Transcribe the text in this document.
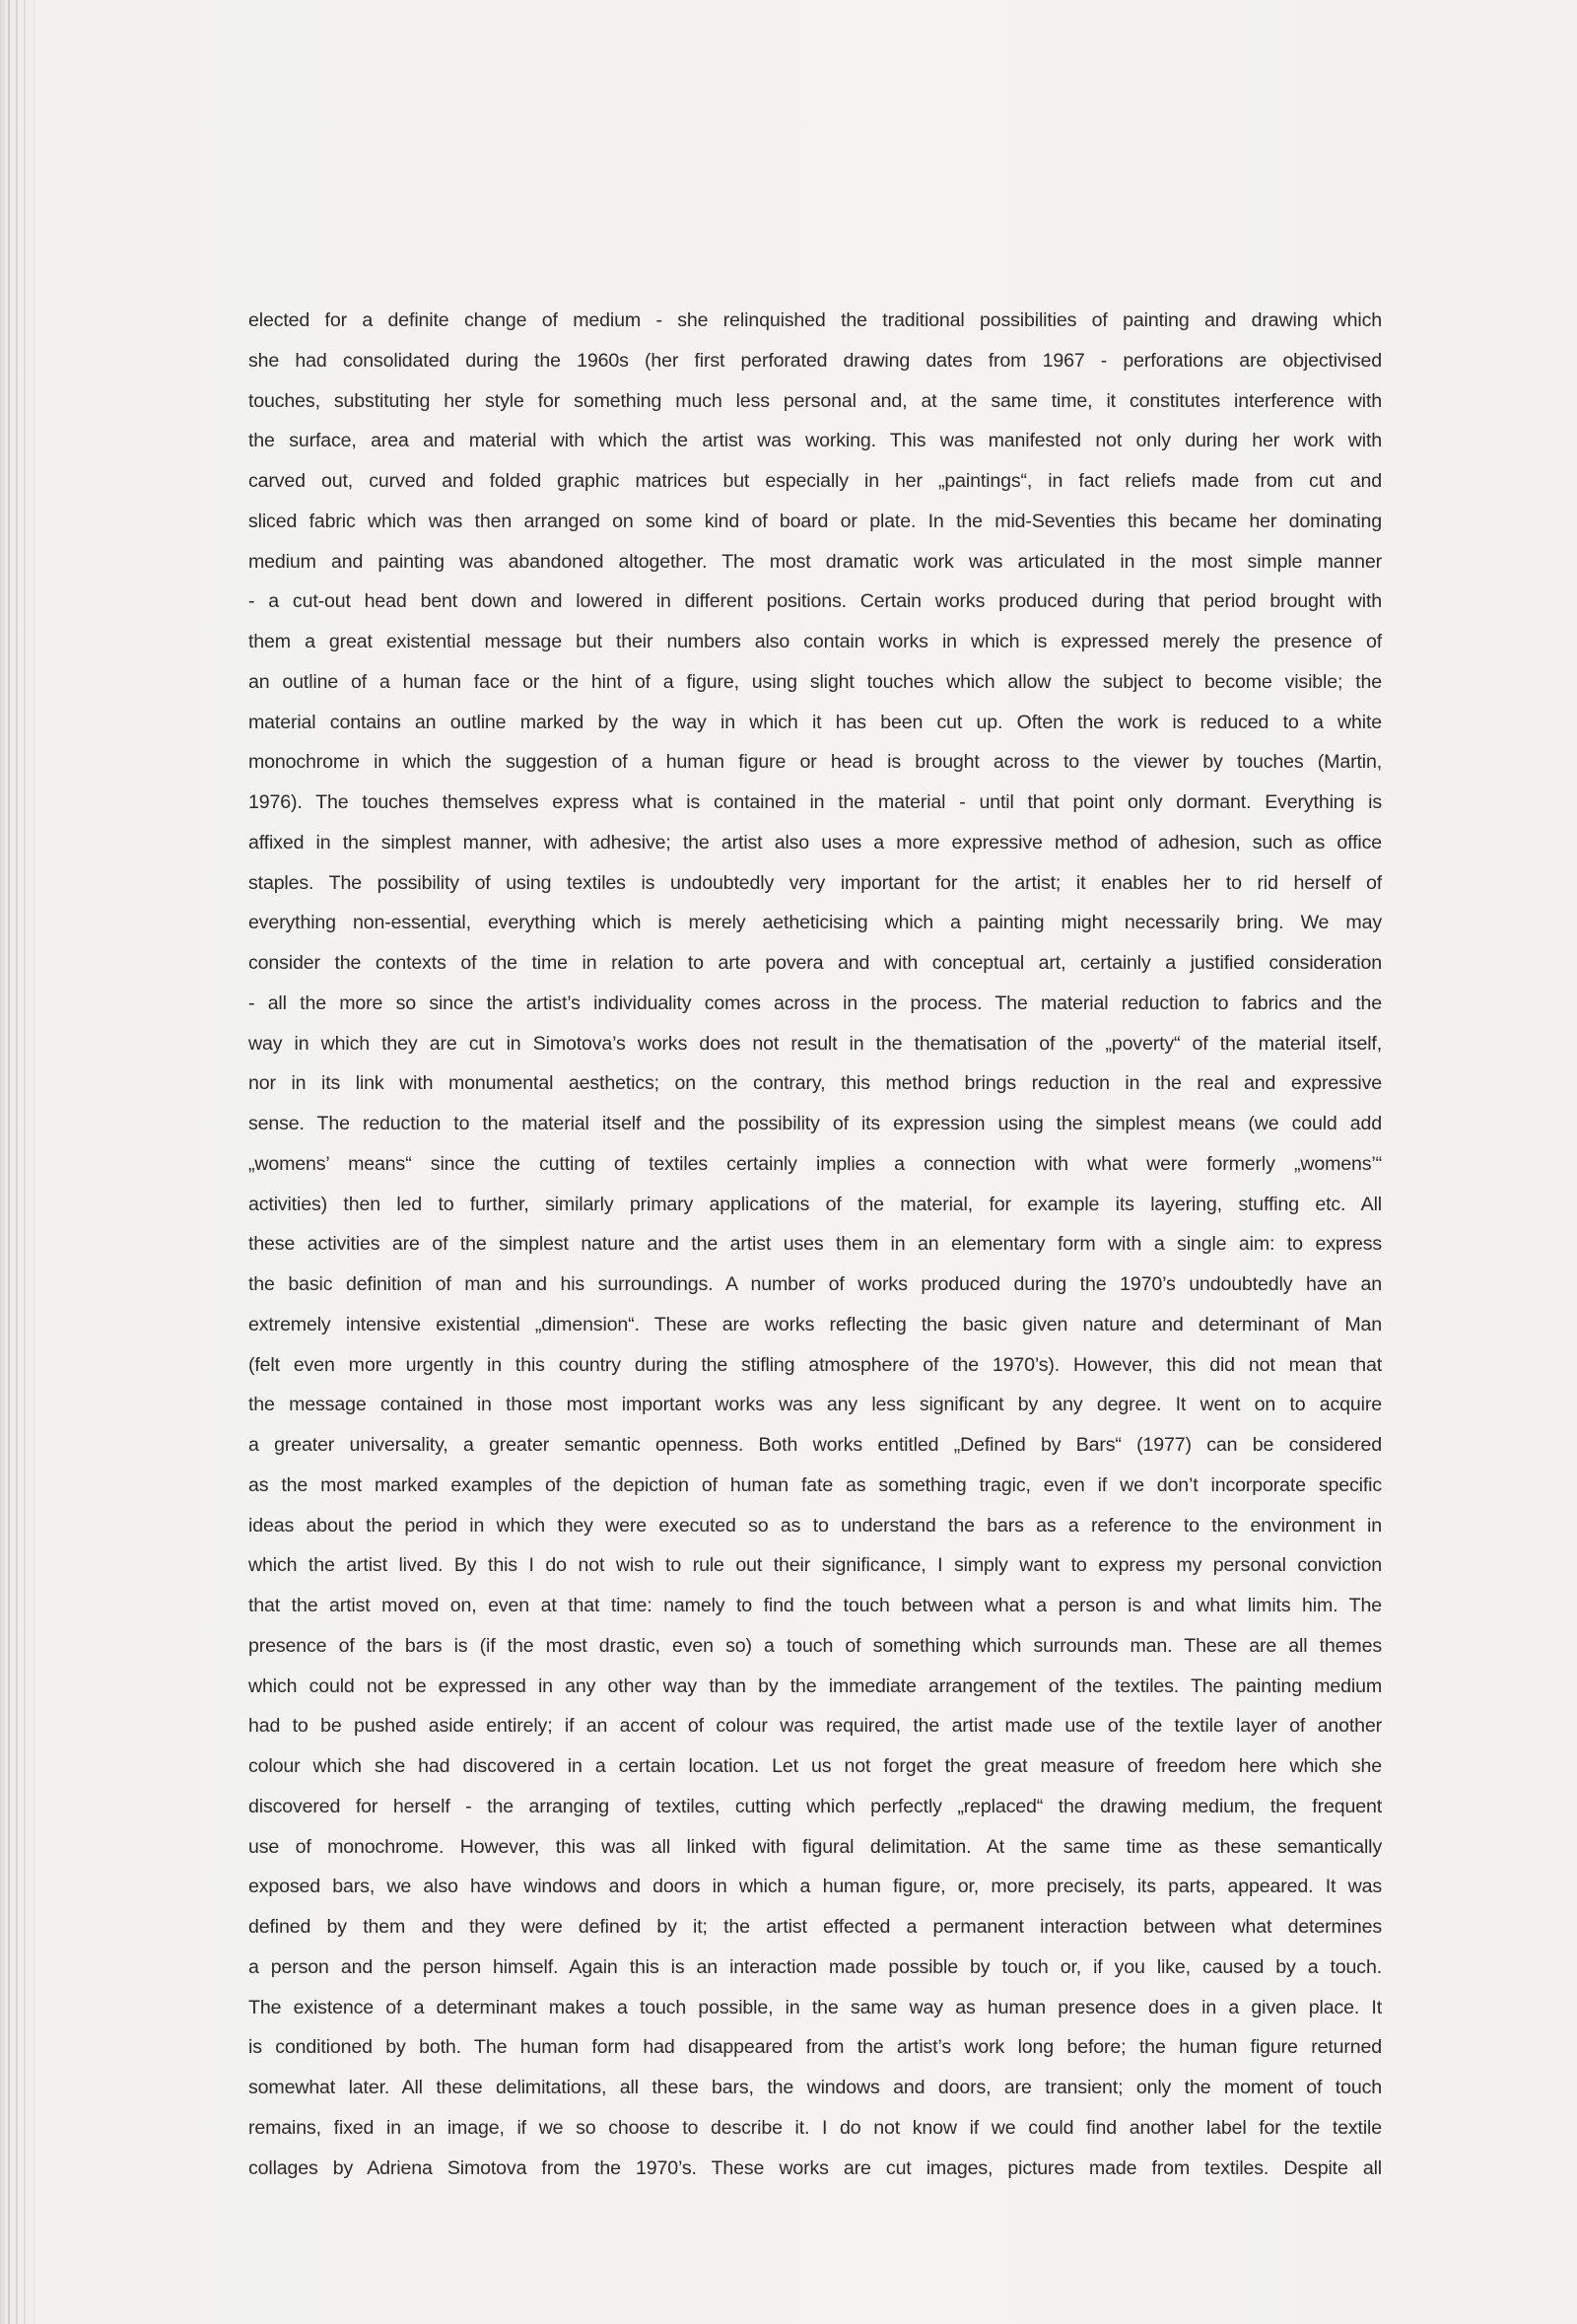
elected for a definite change of medium - she relinquished the traditional possibilities of painting and drawing which
she had consolidated during the 1960s (her first perforated drawing dates from 1967 - perforations are objectivised
touches, substituting her style for something much less personal and, at the same time, it constitutes interference with
the surface, area and material with which the artist was working. This was manifested not only during her work with
carved out, curved and folded graphic matrices but especially in her „paintings“, in fact reliefs made from cut and
sliced fabric which was then arranged on some kind of board or plate. In the mid-Seventies this became her dominating
medium and painting was abandoned altogether. The most dramatic work was articulated in the most simple manner
- a cut-out head bent down and lowered in different positions. Certain works produced during that period brought with
them a great existential message but their numbers also contain works in which is expressed merely the presence of
an outline of a human face or the hint of a figure, using slight touches which allow the subject to become visible; the
material contains an outline marked by the way in which it has been cut up. Often the work is reduced to a white
monochrome in which the suggestion of a human figure or head is brought across to the viewer by touches (Martin,
1976). The touches themselves express what is contained in the material - until that point only dormant. Everything is
affixed in the simplest manner, with adhesive; the artist also uses a more expressive method of adhesion, such as office
staples. The possibility of using textiles is undoubtedly very important for the artist; it enables her to rid herself of
everything non-essential, everything which is merely aetheticising which a painting might necessarily bring. We may
consider the contexts of the time in relation to arte povera and with conceptual art, certainly a justified consideration
- all the more so since the artist’s individuality comes across in the process. The material reduction to fabrics and the
way in which they are cut in Simotova’s works does not result in the thematisation of the „poverty“ of the material itself,
nor in its link with monumental aesthetics; on the contrary, this method brings reduction in the real and expressive
sense. The reduction to the material itself and the possibility of its expression using the simplest means (we could add
„womens’ means“ since the cutting of textiles certainly implies a connection with what were formerly „womens’“
activities) then led to further, similarly primary applications of the material, for example its layering, stuffing etc. All
these activities are of the simplest nature and the artist uses them in an elementary form with a single aim: to express
the basic definition of man and his surroundings. A number of works produced during the 1970’s undoubtedly have an
extremely intensive existential „dimension“. These are works reflecting the basic given nature and determinant of Man
(felt even more urgently in this country during the stifling atmosphere of the 1970’s). However, this did not mean that
the message contained in those most important works was any less significant by any degree. It went on to acquire
a greater universality, a greater semantic openness. Both works entitled „Defined by Bars“ (1977) can be considered
as the most marked examples of the depiction of human fate as something tragic, even if we don’t incorporate specific
ideas about the period in which they were executed so as to understand the bars as a reference to the environment in
which the artist lived. By this I do not wish to rule out their significance, I simply want to express my personal conviction
that the artist moved on, even at that time: namely to find the touch between what a person is and what limits him. The
presence of the bars is (if the most drastic, even so) a touch of something which surrounds man. These are all themes
which could not be expressed in any other way than by the immediate arrangement of the textiles. The painting medium
had to be pushed aside entirely; if an accent of colour was required, the artist made use of the textile layer of another
colour which she had discovered in a certain location. Let us not forget the great measure of freedom here which she
discovered for herself - the arranging of textiles, cutting which perfectly „replaced“ the drawing medium, the frequent
use of monochrome. However, this was all linked with figural delimitation. At the same time as these semantically
exposed bars, we also have windows and doors in which a human figure, or, more precisely, its parts, appeared. It was
defined by them and they were defined by it; the artist effected a permanent interaction between what determines
a person and the person himself. Again this is an interaction made possible by touch or, if you like, caused by a touch.
The existence of a determinant makes a touch possible, in the same way as human presence does in a given place. It
is conditioned by both. The human form had disappeared from the artist’s work long before; the human figure returned
somewhat later. All these delimitations, all these bars, the windows and doors, are transient; only the moment of touch
remains, fixed in an image, if we so choose to describe it. I do not know if we could find another label for the textile
collages by Adriena Simotova from the 1970’s. These works are cut images, pictures made from textiles. Despite all
